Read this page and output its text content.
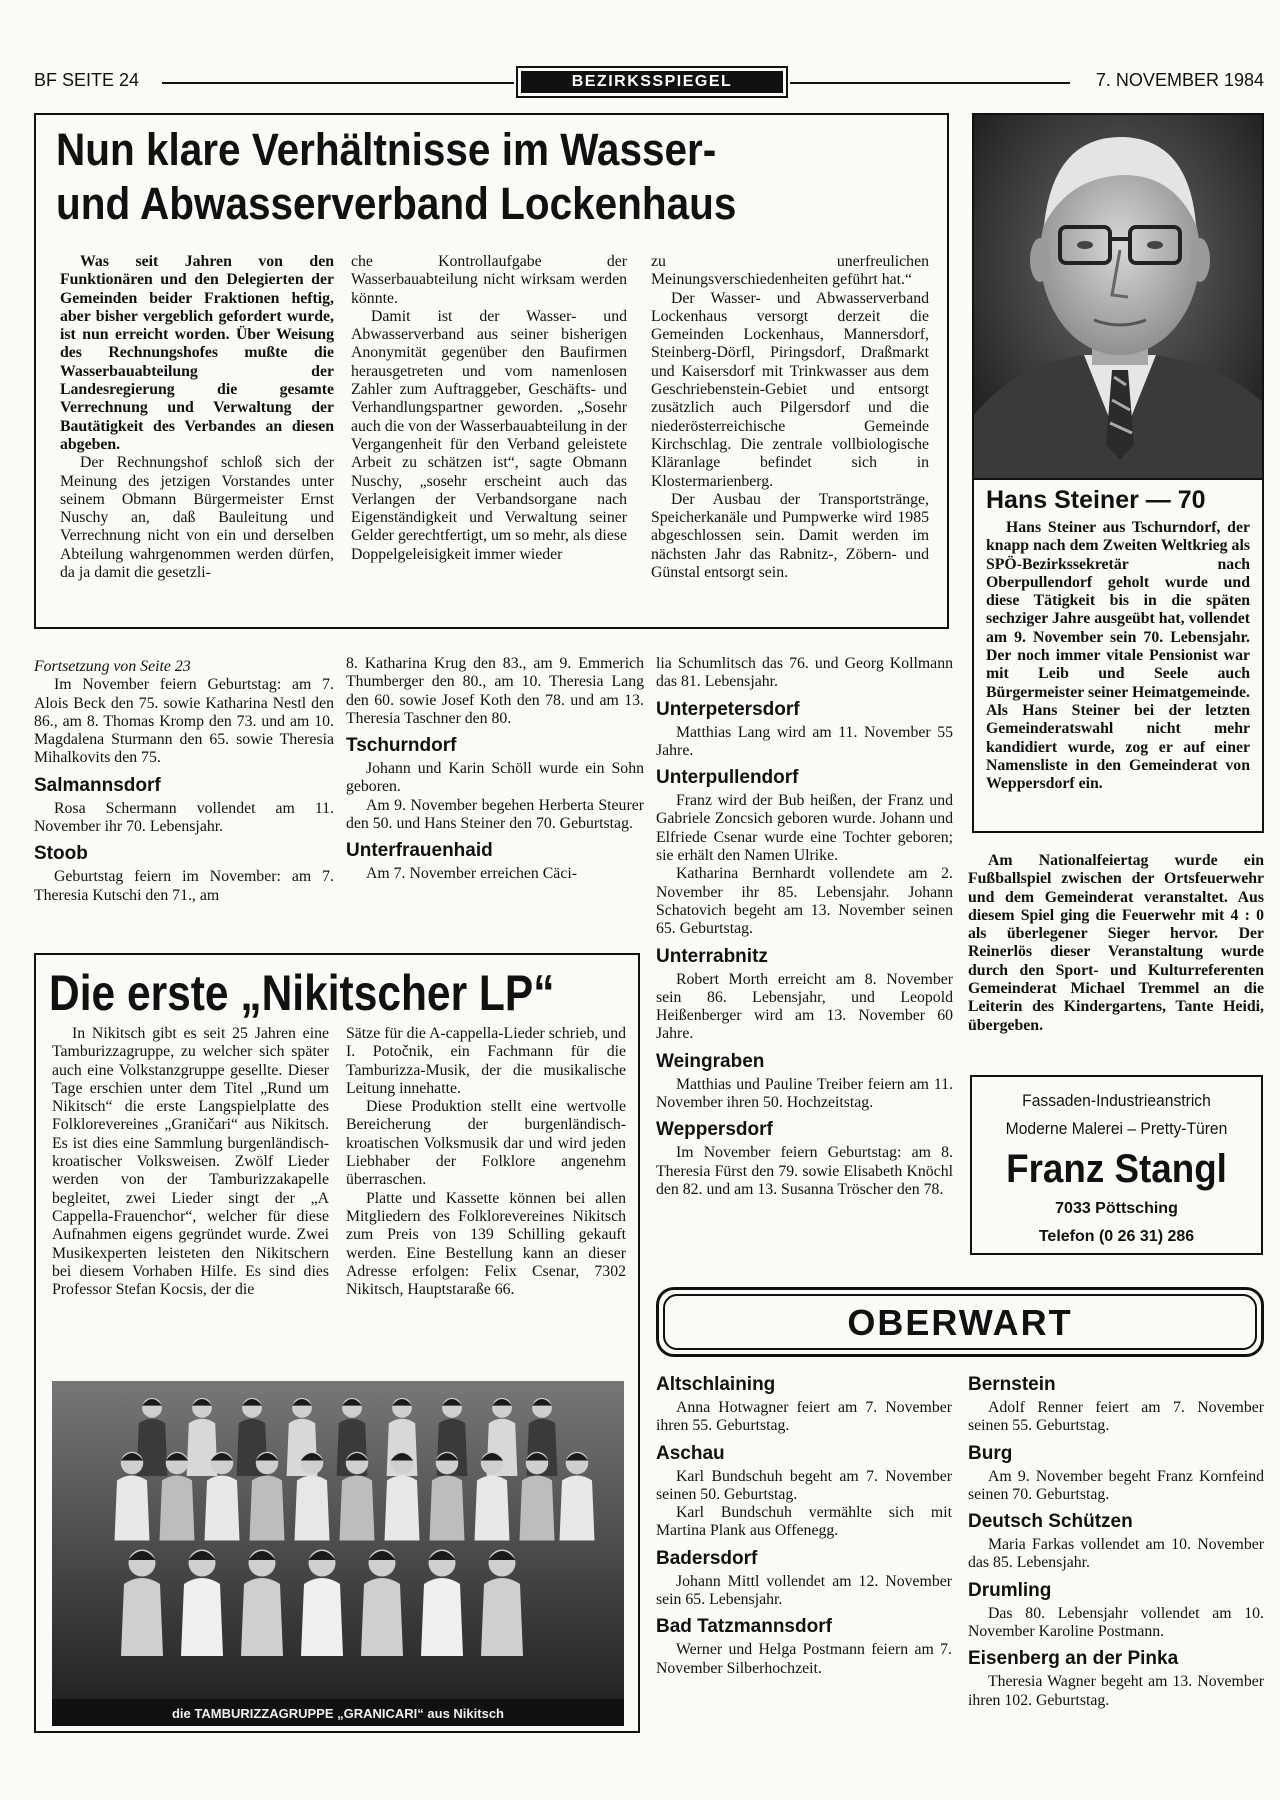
BF SEITE 24	BEZIRKSSPIEGEL	7. NOVEMBER 1984
Nun klare Verhältnisse im Wasser-
und Abwasserverband Lockenhaus

Was seit Jahren von den Funktionären und den Delegierten der Gemeinden beider Fraktionen heftig, aber bisher vergeblich gefordert wurde, ist nun erreicht worden. Über Weisung des Rechnungshofes mußte die Wasserbauabteilung der Landesregierung die gesamte Verrechnung und Verwaltung der Bautätigkeit des Verbandes an diesen abgeben.

Der Rechnungshof schloß sich der Meinung des jetzigen Vorstandes unter seinem Obmann Bürgermeister Ernst Nuschy an, daß Bauleitung und Verrechnung nicht von ein und derselben Abteilung wahrgenommen werden dürfen, da ja damit die gesetzli-

che Kontrollaufgabe der Wasserbauabteilung nicht wirksam werden könnte.

Damit ist der Wasser- und Abwasserverband aus seiner bisherigen Anonymität gegenüber den Baufirmen herausgetreten und vom namenlosen Zahler zum Auftraggeber, Geschäfts- und Verhandlungspartner geworden. „Sosehr auch die von der Wasserbauabteilung in der Vergangenheit für den Verband geleistete Arbeit zu schätzen ist“, sagte Obmann Nuschy, „sosehr erscheint auch das Verlangen der Verbandsorgane nach Eigenständigkeit und Verwaltung seiner Gelder gerechtfertigt, um so mehr, als diese Doppelgeleisigkeit immer wieder

zu unerfreulichen Meinungsverschiedenheiten geführt hat.“

Der Wasser- und Abwasserverband Lockenhaus versorgt derzeit die Gemeinden Lockenhaus, Mannersdorf, Steinberg-Dörfl, Piringsdorf, Draßmarkt und Kaisersdorf mit Trinkwasser aus dem Geschriebenstein-Gebiet und entsorgt zusätzlich auch Pilgersdorf und die niederösterreichische Gemeinde Kirchschlag. Die zentrale vollbiologische Kläranlage befindet sich in Klostermarienberg.

Der Ausbau der Transportstränge, Speicherkanäle und Pumpwerke wird 1985 abgeschlossen sein. Damit werden im nächsten Jahr das Rabnitz-, Zöbern- und Günstal entsorgt sein.

Hans Steiner — 70

Hans Steiner aus Tschurndorf, der knapp nach dem Zweiten Weltkrieg als SPÖ-Bezirkssekretär nach Oberpullendorf geholt wurde und diese Tätigkeit bis in die späten sechziger Jahre ausgeübt hat, vollendet am 9. November sein 70. Lebensjahr. Der noch immer vitale Pensionist war mit Leib und Seele auch Bürgermeister seiner Heimatgemeinde. Als Hans Steiner bei der letzten Gemeinderatswahl nicht mehr kandidiert wurde, zog er auf einer Namensliste in den Gemeinderat von Weppersdorf ein.

Fortsetzung von Seite 23

Im November feiern Geburtstag: am 7. Alois Beck den 75. sowie Katharina Nestl den 86., am 8. Thomas Kromp den 73. und am 10. Magdalena Sturmann den 65. sowie Theresia Mihalkovits den 75.

Salmannsdorf

Rosa Schermann vollendet am 11. November ihr 70. Lebensjahr.

Stoob

Geburtstag feiern im November: am 7. Theresia Kutschi den 71., am

8. Katharina Krug den 83., am 9. Emmerich Thumberger den 80., am 10. Theresia Lang den 60. sowie Josef Koth den 78. und am 13. Theresia Taschner den 80.

Tschurndorf

Johann und Karin Schöll wurde ein Sohn geboren.

Am 9. November begehen Herberta Steurer den 50. und Hans Steiner den 70. Geburtstag.

Unterfrauenhaid

Am 7. November erreichen Cäci-

lia Schumlitsch das 76. und Georg Kollmann das 81. Lebensjahr.

Unterpetersdorf

Matthias Lang wird am 11. November 55 Jahre.

Unterpullendorf

Franz wird der Bub heißen, der Franz und Gabriele Zoncsich geboren wurde. Johann und Elfriede Csenar wurde eine Tochter geboren; sie erhält den Namen Ulrike.

Katharina Bernhardt vollendete am 2. November ihr 85. Lebensjahr. Johann Schatovich begeht am 13. November seinen 65. Geburtstag.

Unterrabnitz

Robert Morth erreicht am 8. November sein 86. Lebensjahr, und Leopold Heißenberger wird am 13. November 60 Jahre.

Weingraben

Matthias und Pauline Treiber feiern am 11. November ihren 50. Hochzeitstag.

Weppersdorf

Im November feiern Geburtstag: am 8. Theresia Fürst den 79. sowie Elisabeth Knöchl den 82. und am 13. Susanna Tröscher den 78.

Am Nationalfeiertag wurde ein Fußballspiel zwischen der Ortsfeuerwehr und dem Gemeinderat veranstaltet. Aus diesem Spiel ging die Feuerwehr mit 4 : 0 als überlegener Sieger hervor. Der Reinerlös dieser Veranstaltung wurde durch den Sport- und Kulturreferenten Gemeinderat Michael Tremmel an die Leiterin des Kindergartens, Tante Heidi, übergeben.

Die erste „Nikitscher LP“

In Nikitsch gibt es seit 25 Jahren eine Tamburizzagruppe, zu welcher sich später auch eine Volkstanzgruppe gesellte. Dieser Tage erschien unter dem Titel „Rund um Nikitsch“ die erste Langspielplatte des Folklorevereines „Graničari“ aus Nikitsch. Es ist dies eine Sammlung burgenländisch-kroatischer Volksweisen. Zwölf Lieder werden von der Tamburizzakapelle begleitet, zwei Lieder singt der „A Cappella-Frauenchor“, welcher für diese Aufnahmen eigens gegründet wurde. Zwei Musikexperten leisteten den Nikitschern bei diesem Vorhaben Hilfe. Es sind dies Professor Stefan Kocsis, der die

Sätze für die A-cappella-Lieder schrieb, und I. Potočnik, ein Fachmann für die Tamburizza-Musik, der die musikalische Leitung innehatte.

Diese Produktion stellt eine wertvolle Bereicherung der burgenländisch-kroatischen Volksmusik dar und wird jeden Liebhaber der Folklore angenehm überraschen.

Platte und Kassette können bei allen Mitgliedern des Folklorevereines Nikitsch zum Preis von 139 Schilling gekauft werden. Eine Bestellung kann an dieser Adresse erfolgen: Felix Csenar, 7302 Nikitsch, Hauptstaraße 66.

die TAMBURIZZAGRUPPE „GRANICARI“ aus Nikitsch
Fassaden-Industrieanstrich
Moderne Malerei – Pretty-Türen
Franz Stangl
7033 Pöttsching
Telefon (0 26 31) 286
OBERWART
Altschlaining

Anna Hotwagner feiert am 7. November ihren 55. Geburtstag.

Aschau

Karl Bundschuh begeht am 7. November seinen 50. Geburtstag.

Karl Bundschuh vermählte sich mit Martina Plank aus Offenegg.

Badersdorf

Johann Mittl vollendet am 12. November sein 65. Lebensjahr.

Bad Tatzmannsdorf

Werner und Helga Postmann feiern am 7. November Silberhochzeit.

Bernstein

Adolf Renner feiert am 7. November seinen 55. Geburtstag.

Burg

Am 9. November begeht Franz Kornfeind seinen 70. Geburtstag.

Deutsch Schützen

Maria Farkas vollendet am 10. November das 85. Lebensjahr.

Drumling

Das 80. Lebensjahr vollendet am 10. November Karoline Postmann.

Eisenberg an der Pinka

Theresia Wagner begeht am 13. November ihren 102. Geburtstag.
